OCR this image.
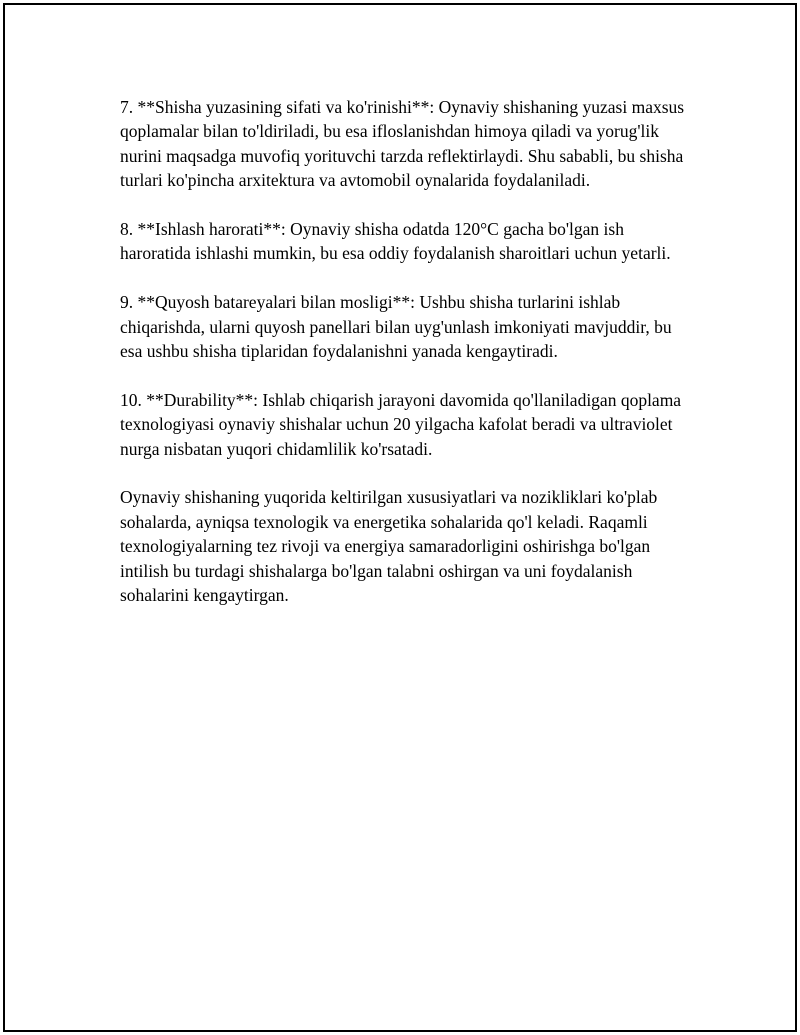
7. **Shisha yuzasining sifati va ko'rinishi**: Oynaviy shishaning yuzasi maxsus qoplamalar bilan to'ldiriladi, bu esa ifloslanishdan himoya qiladi va yorug'lik nurini maqsadga muvofiq yorituvchi tarzda reflektirlaydi. Shu sababli, bu shisha turlari ko'pincha arxitektura va avtomobil oynalarida foydalaniladi.

8. **Ishlash harorati**: Oynaviy shisha odatda 120°C gacha bo'lgan ish haroratida ishlashi mumkin, bu esa oddiy foydalanish sharoitlari uchun yetarli.

9. **Quyosh batareyalari bilan mosligi**: Ushbu shisha turlarini ishlab chiqarishda, ularni quyosh panellari bilan uyg'unlash imkoniyati mavjuddir, bu esa ushbu shisha tiplaridan foydalanishni yanada kengaytiradi.

10. **Durability**: Ishlab chiqarish jarayoni davomida qo'llaniladigan qoplama texnologiyasi oynaviy shishalar uchun 20 yilgacha kafolat beradi va ultraviolet nurga nisbatan yuqori chidamlilik ko'rsatadi.

Oynaviy shishaning yuqorida keltirilgan xususiyatlari va nozikliklari ko'plab sohalarda, ayniqsa texnologik va energetika sohalarida qo'l keladi. Raqamli texnologiyalarning tez rivoji va energiya samaradorligini oshirishga bo'lgan intilish bu turdagi shishalarga bo'lgan talabni oshirgan va uni foydalanish sohalarini kengaytirgan.
